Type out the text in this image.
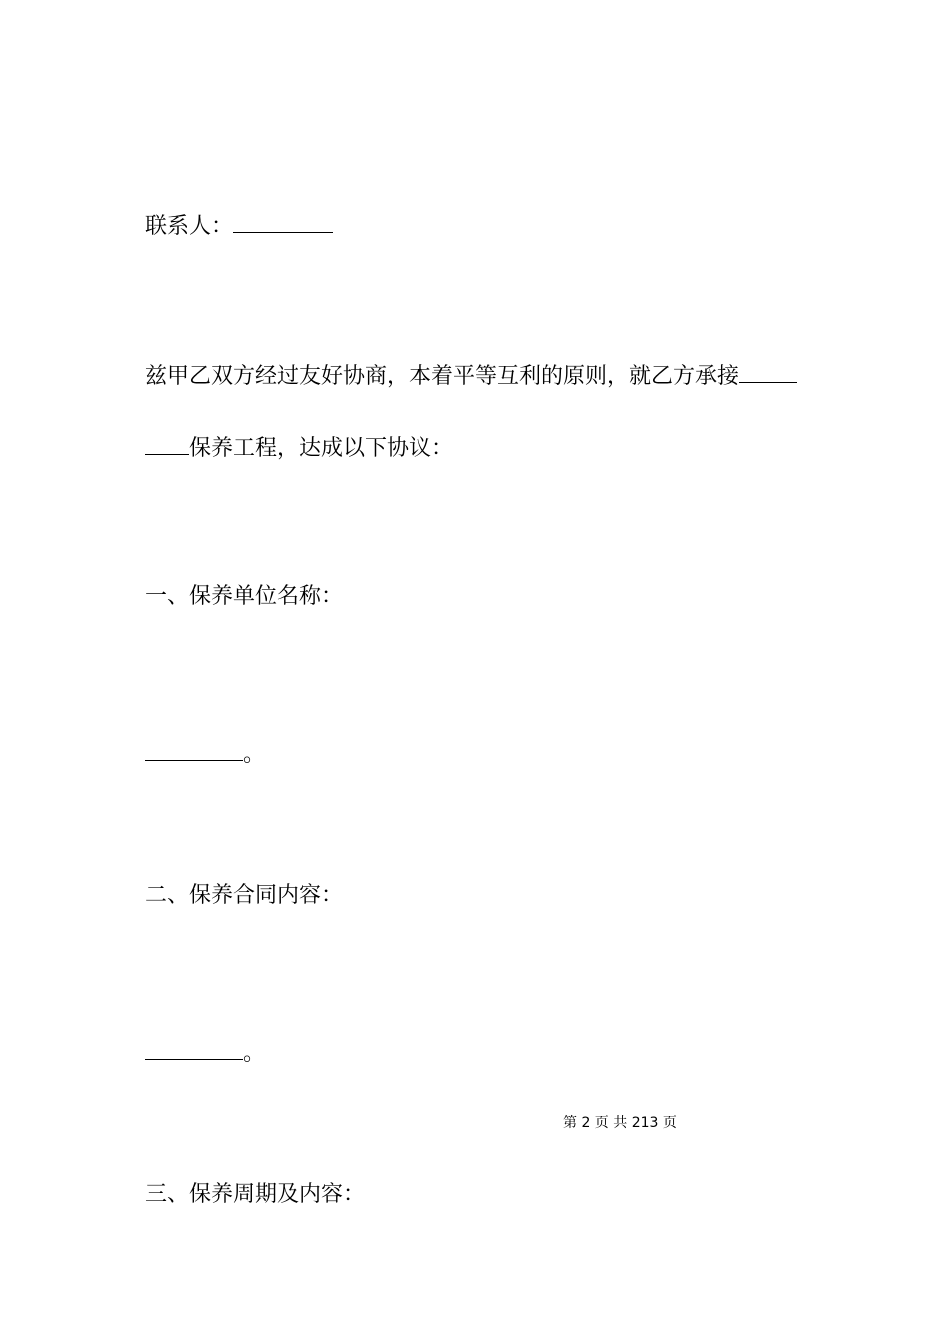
联系人：

兹甲乙双方经过友好协商，本着平等互利的原则，就乙方承接

保养工程，达成以下协议：

一、保养单位名称：

。

二、保养合同内容：

。

第 2 页 共 213 页

三、保养周期及内容：
